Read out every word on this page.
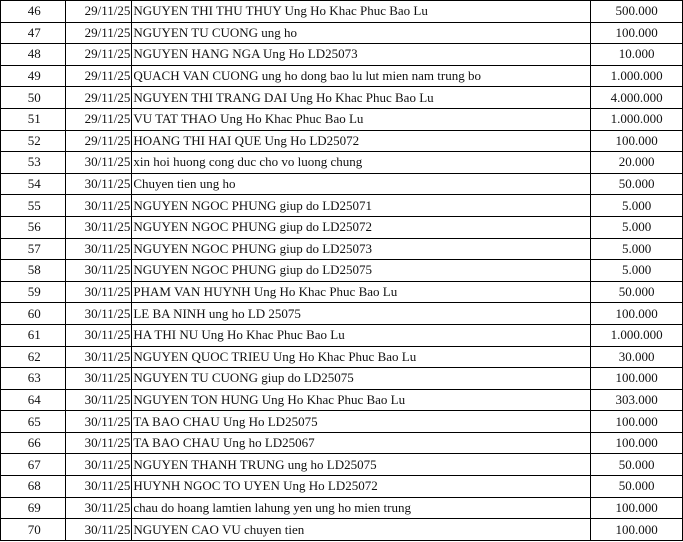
46	29/11/25	NGUYEN THI THU THUY Ung Ho Khac Phuc Bao Lu	500.000
47	29/11/25	NGUYEN TU CUONG ung ho	100.000
48	29/11/25	NGUYEN HANG NGA Ung Ho LD25073	10.000
49	29/11/25	QUACH VAN CUONG ung ho dong bao lu lut mien nam trung bo	1.000.000
50	29/11/25	NGUYEN THI TRANG DAI Ung Ho Khac Phuc Bao Lu	4.000.000
51	29/11/25	VU TAT THAO Ung Ho Khac Phuc Bao Lu	1.000.000
52	29/11/25	HOANG THI HAI QUE Ung Ho LD25072	100.000
53	30/11/25	xin hoi huong cong duc cho vo luong chung	20.000
54	30/11/25	Chuyen tien ung ho	50.000
55	30/11/25	NGUYEN NGOC PHUNG giup do LD25071	5.000
56	30/11/25	NGUYEN NGOC PHUNG giup do LD25072	5.000
57	30/11/25	NGUYEN NGOC PHUNG giup do LD25073	5.000
58	30/11/25	NGUYEN NGOC PHUNG giup do LD25075	5.000
59	30/11/25	PHAM VAN HUYNH Ung Ho Khac Phuc Bao Lu	50.000
60	30/11/25	LE BA NINH ung ho LD 25075	100.000
61	30/11/25	HA THI NU Ung Ho Khac Phuc Bao Lu	1.000.000
62	30/11/25	NGUYEN QUOC TRIEU Ung Ho Khac Phuc Bao Lu	30.000
63	30/11/25	NGUYEN TU CUONG giup do LD25075	100.000
64	30/11/25	NGUYEN TON HUNG Ung Ho Khac Phuc Bao Lu	303.000
65	30/11/25	TA BAO CHAU Ung Ho LD25075	100.000
66	30/11/25	TA BAO CHAU Ung ho LD25067	100.000
67	30/11/25	NGUYEN THANH TRUNG ung ho LD25075	50.000
68	30/11/25	HUYNH NGOC TO UYEN Ung Ho LD25072	50.000
69	30/11/25	chau do hoang lamtien lahung yen ung ho mien trung	100.000
70	30/11/25	NGUYEN CAO VU chuyen tien	100.000
